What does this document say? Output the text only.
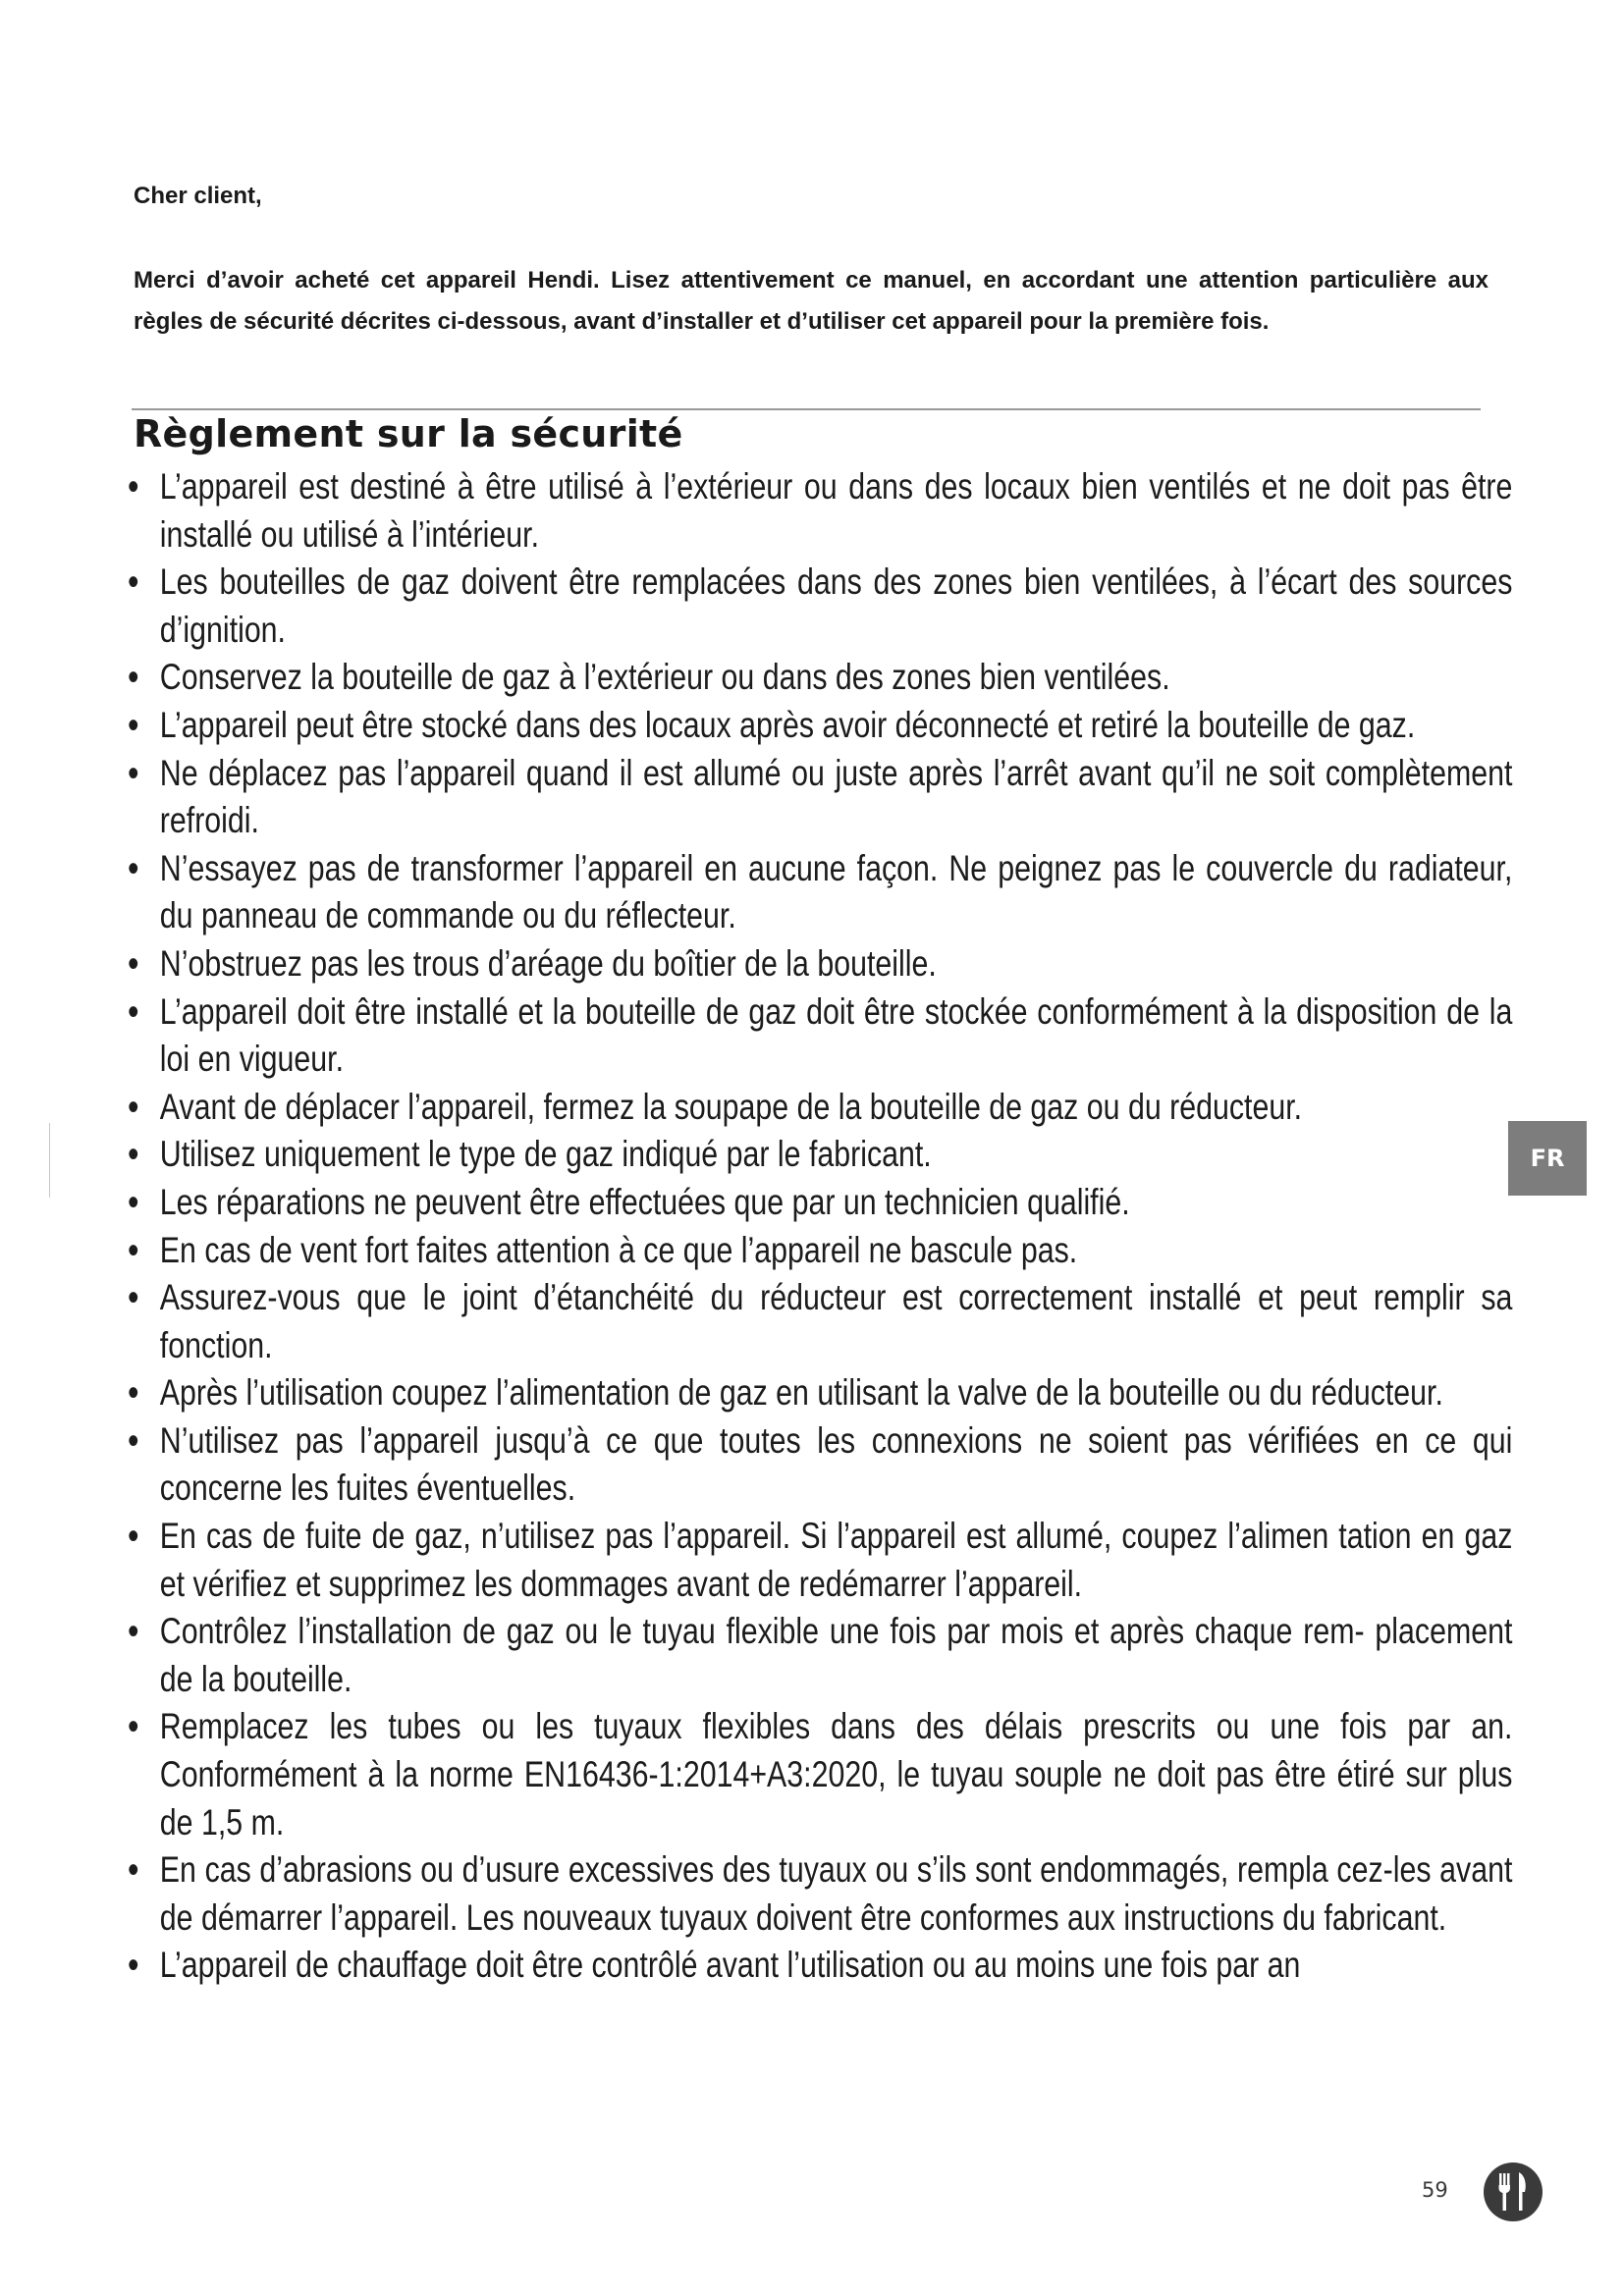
Cher client,

Merci d’avoir acheté cet appareil Hendi. Lisez attentivement ce manuel, en accordant une attention particulière aux règles de sécurité décrites ci-dessous, avant d’installer et d’utiliser cet appareil pour la première fois.

Règlement sur la sécurité
• L’appareil est destiné à être utilisé à l’extérieur ou dans des locaux bien ventilés et ne doit pas être installé ou utilisé à l’intérieur.
• Les bouteilles de gaz doivent être remplacées dans des zones bien ventilées, à l’écart des sources d’ignition.
• Conservez la bouteille de gaz à l’extérieur ou dans des zones bien ventilées.
• L’appareil peut être stocké dans des locaux après avoir déconnecté et retiré la bouteille de gaz.
• Ne déplacez pas l’appareil quand il est allumé ou juste après l’arrêt avant qu’il ne soit complètement refroidi.
• N’essayez pas de transformer l’appareil en aucune façon. Ne peignez pas le couvercle du radiateur, du panneau de commande ou du réflecteur.
• N’obstruez pas les trous d’aréage du boîtier de la bouteille.
• L’appareil doit être installé et la bouteille de gaz doit être stockée conformément à la disposition de la loi en vigueur.
• Avant de déplacer l’appareil, fermez la soupape de la bouteille de gaz ou du réducteur.
• Utilisez uniquement le type de gaz indiqué par le fabricant.
• Les réparations ne peuvent être effectuées que par un technicien qualifié.
• En cas de vent fort faites attention à ce que l’appareil ne bascule pas.
• Assurez-vous que le joint d’étanchéité du réducteur est correctement installé et peut remplir sa fonction.
• Après l’utilisation coupez l’alimentation de gaz en utilisant la valve de la bouteille ou du réducteur.
• N’utilisez pas l’appareil jusqu’à ce que toutes les connexions ne soient pas vérifiées en ce qui concerne les fuites éventuelles.
• En cas de fuite de gaz, n’utilisez pas l’appareil. Si l’appareil est allumé, coupez l’alimen tation en gaz et vérifiez et supprimez les dommages avant de redémarrer l’appareil.
• Contrôlez l’installation de gaz ou le tuyau flexible une fois par mois et après chaque rem- placement de la bouteille.
• Remplacez les tubes ou les tuyaux flexibles dans des délais prescrits ou une fois par an. Conformément à la norme EN16436-1:2014+A3:2020, le tuyau souple ne doit pas être étiré sur plus de 1,5 m.
• En cas d’abrasions ou d’usure excessives des tuyaux ou s’ils sont endommagés, rempla cez-les avant de démarrer l’appareil. Les nouveaux tuyaux doivent être conformes aux instructions du fabricant.
• L’appareil de chauffage doit être contrôlé avant l’utilisation ou au moins une fois par an
FR
59
